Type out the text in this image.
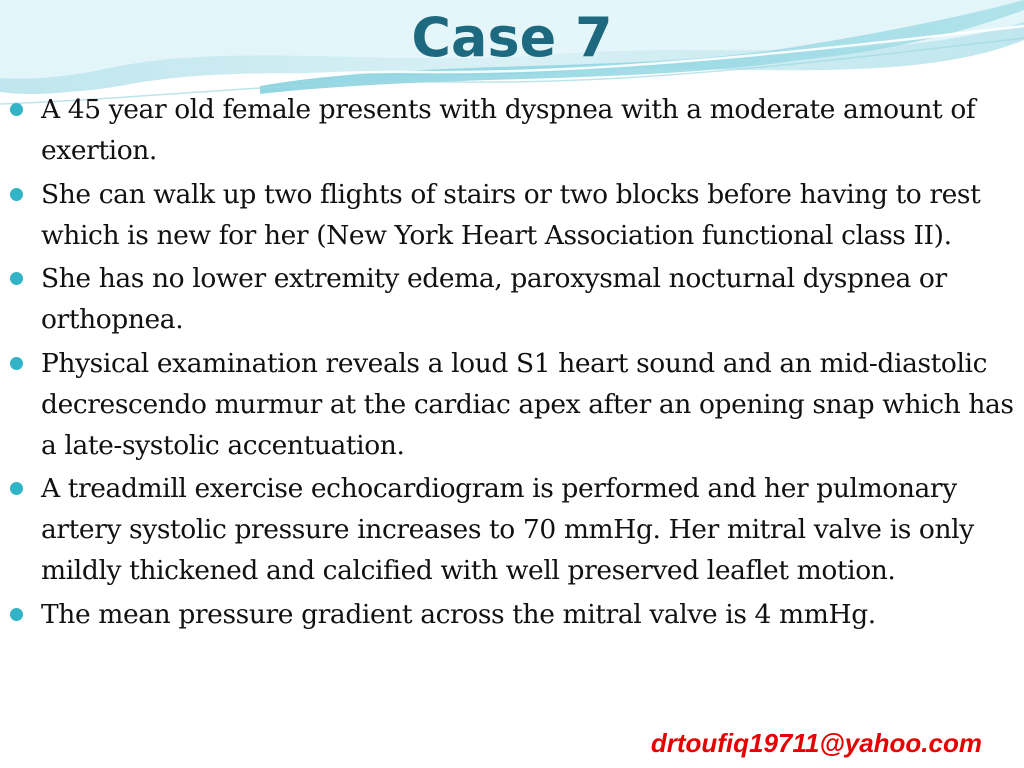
Case 7
A 45 year old female presents with dyspnea with a moderate amount of exertion.
She can walk up two flights of stairs or two blocks before having to rest which is new for her (New York Heart Association functional class II).
She has no lower extremity edema, paroxysmal nocturnal dyspnea or orthopnea.
Physical examination reveals a loud S1 heart sound and an mid-diastolic decrescendo murmur at the cardiac apex after an opening snap which has a late-systolic accentuation.
A treadmill exercise echocardiogram is performed and her pulmonary artery systolic pressure increases to 70 mmHg. Her mitral valve is only mildly thickened and calcified with well preserved leaflet motion.
The mean pressure gradient across the mitral valve is 4 mmHg.
drtoufiq19711@yahoo.com
